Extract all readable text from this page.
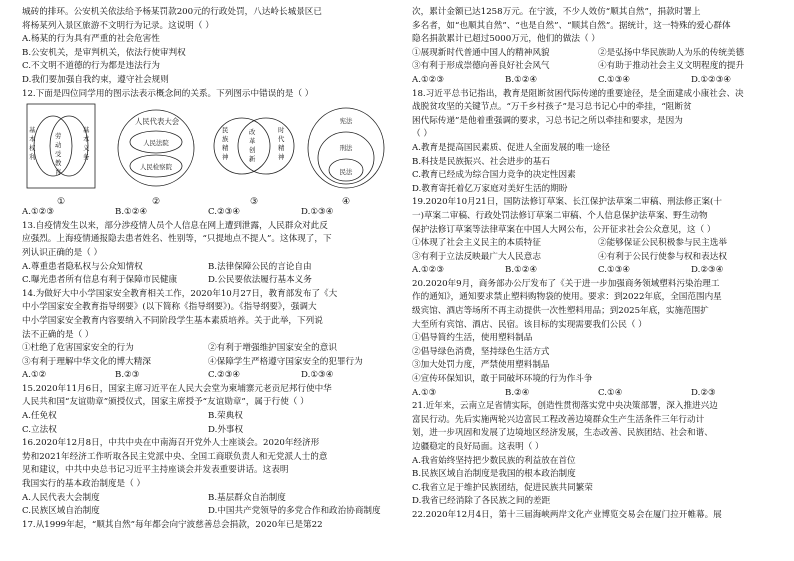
城砖的排环。公安机关依法给予杨某罚款200元的行政处罚，八达岭长城景区已
将杨某列入景区旅游不文明行为记录。这说明（ ）
A.杨某的行为具有严重的社会危害性
B.公安机关，是审判机关，依法行使审判权
C.不文明不道德的行为都是违法行为
D.我们要加强自我约束，遵守社会规则
12.下面是四位同学用的图示法表示概念间的关系。下列图示中错误的是（ ）
基本权利
劳动受教育
基本义务
①
人民代表大会
人民法院
人民检察院
②
民族精神
改革创新
时代精神
③
宪法
刑法
民法
④
A.①②③	B.①②④	C.②③④	D.①③④
13.自疫情发生以来，部分涉疫情人员个人信息在网上遭到泄露，人民群众对此反
应强烈。上海疫情通报隐去患者姓名、性别等，“只提地点不提人”。这体现了，下
列认识正确的是（ ）
A.尊重患者隐私权与公众知情权	B.法律保障公民的言论自由
C.曝光患者所有信息有利于保障市民健康	D.公民要依法履行基本义务
14.为做好大中小学国家安全教育相关工作，2020年10月27日，教育部发布了《大
中小学国家安全教育指导纲要》(以下简称《指导纲要》)。《指导纲要》，强调大
中小学国家安全教育内容要纳入不同阶段学生基本素质培养。关于此举，下列说
法不正确的是（ ）
①杜绝了危害国家安全的行为	②有利于增强维护国家安全的意识
③有利于理解中华文化的博大精深	④保障学生严格遵守国家安全的犯罪行为
A.①②	B.②③	C.②③④	D.①③④
15.2020年11月6日，国家主席习近平在人民大会堂为柬埔寨元老贡尼邦行使中华
人民共和国“友谊勋章”颁授仪式，国家主席授予“友谊勋章”，属于行使（ ）
A.任免权	B.荣典权
C.立法权	D.外事权
16.2020年12月8日，中共中央在中南海召开党外人士座谈会。2020年经济形
势和2021年经济工作听取各民主党派中央、全国工商联负责人和无党派人士的意
见和建议，中共中央总书记习近平主持座谈会并发表重要讲话。这表明
我国实行的基本政治制度是（ ）
A.人民代表大会制度	B.基层群众自治制度
C.民族区域自治制度	D.中国共产党领导的多党合作和政治协商制度
17.从1999年起，“顺其自然”每年都会向宁波慈善总会捐款，2020年已是第22
次，累计金额已达1258万元。在宁波，不少人效仿“顺其自然”，捐款时署上
多名者，如“也顺其自然”、“也是自然”、“顺其自然”。据统计，这一特殊的爱心群体
隐名捐款累计已超过5000万元，他们的做法（ ）
①展现新时代普通中国人的精神风貌	②是弘扬中华民族助人为乐的传统美德
③有利于形成崇德向善良好社会风气	④有助于推动社会主义文明程度的提升
A.①②③	B.①②④	C.①③④	D.①②③④
18.习近平总书记指出，教育是阻断贫困代际传递的重要途径，是全面建成小康社会、决
战脱贫攻坚的关键节点。“万千乡村孩子”是习总书记心中的牵挂，“阻断贫
困代际传递”是他着重强调的要求，习总书记之所以牵挂和要求，是因为
（ ）
A.教育是提高国民素质、促进人全面发展的唯一途径
B.科技是民族振兴、社会进步的基石
C.教育已经成为综合国力竞争的决定性因素
D.教育寄托着亿万家庭对美好生活的期盼
19.2020年10月21日，国防法修订草案、长江保护法草案二审稿、刑法修正案(十
一)草案二审稿、行政处罚法修订草案二审稿、个人信息保护法草案、野生动物
保护法修订草案等法律草案在中国人大网公布，公开征求社会公众意见，这（ ）
①体现了社会主义民主的本质特征	②能够保证公民积极参与民主选举
③有利于立法反映最广大人民意志	④有利于公民行使参与权和表达权
A.①②③	B.①②④	C.①③④	D.②③④
20.2020年9月，商务部办公厅发布了《关于进一步加强商务领域塑料污染治理工
作的通知》，通知要求禁止塑料购物袋的使用。要求：到2022年底，全国范围内星
级宾馆、酒店等场所不再主动提供一次性塑料用品；到2025年底，实施范围扩
大至所有宾馆、酒店、民宿。该目标的实现需要我们公民（ ）
①倡导简约生活，使用塑料制品
②倡导绿色消费，坚持绿色生活方式
③加大处罚力度，严禁使用塑料制品
④宣传环保知识，敢于同破坏环境的行为作斗争
A.①③	B.②④	C.①④	D.②③
21.近年来，云南立足省情实际，创造性贯彻落实党中央决策部署，深入推进兴边
富民行动。先后实施两轮兴边富民工程改善边境群众生产生活条件三年行动计
划，进一步巩固和发展了边境地区经济发展，生态改善、民族团结、社会和谐、
边疆稳定的良好局面。这表明（ ）
A.我省始终坚持把少数民族的利益放在首位
B.民族区域自治制度是我国的根本政治制度
C.我省立足于维护民族团结，促进民族共同繁荣
D.我省已经消除了各民族之间的差距
22.2020年12月4日，第十三届海峡两岸文化产业博览交易会在厦门拉开帷幕。展
